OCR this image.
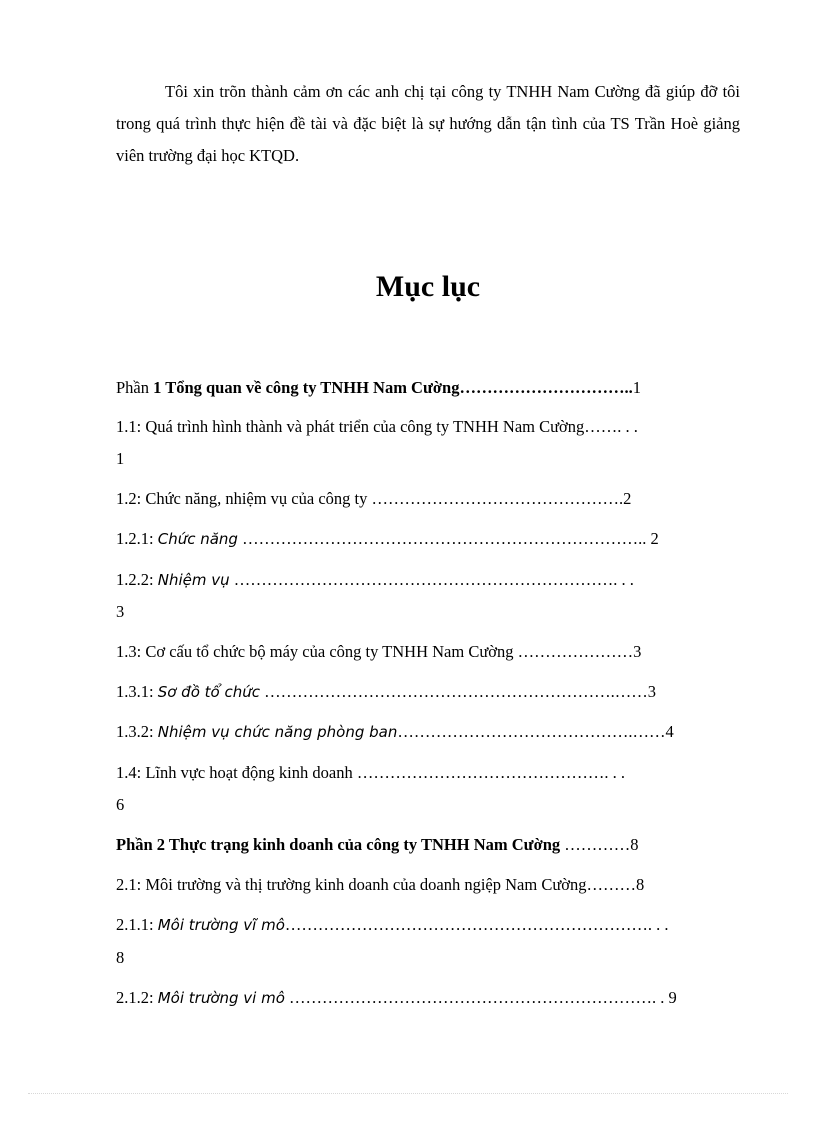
Tôi xin trõn thành cảm ơn các anh chị tại công ty TNHH Nam Cường đã giúp đỡ tôi trong quá trình thực hiện đề tài và đặc biệt là sự hướng dẫn tận tình của TS Trần Hoè giảng viên trường đại học KTQD.

Mục lục
Phần 1 Tổng quan về công ty TNHH Nam Cường…………………………..1
1.1: Quá trình hình thành và phát triển của công ty TNHH Nam Cường……. . .
1
1.2: Chức năng, nhiệm vụ của công ty ……………………………………….2
1.2.1: Chức năng ……………………………………………………………….. 2
1.2.2: Nhiệm vụ ……………………………………………………………. . .
3
1.3: Cơ cấu tổ chức bộ máy của công ty TNHH Nam Cường …………………3
1.3.1: Sơ đồ tổ chức ……………………………………………………….……3
1.3.2: Nhiệm vụ chức năng phòng ban…………………………………….……4
1.4: Lĩnh vực hoạt động kinh doanh ………………………………………. . .
6
Phần 2 Thực trạng kinh doanh của công ty TNHH Nam Cường …………8
2.1: Môi trường và thị trường kinh doanh của doanh ngiệp Nam Cường………8
2.1.1: Môi trường vĩ mô…………………………………………………………. . .
8
2.1.2: Môi trường vi mô …………………………………………………………. . 9
